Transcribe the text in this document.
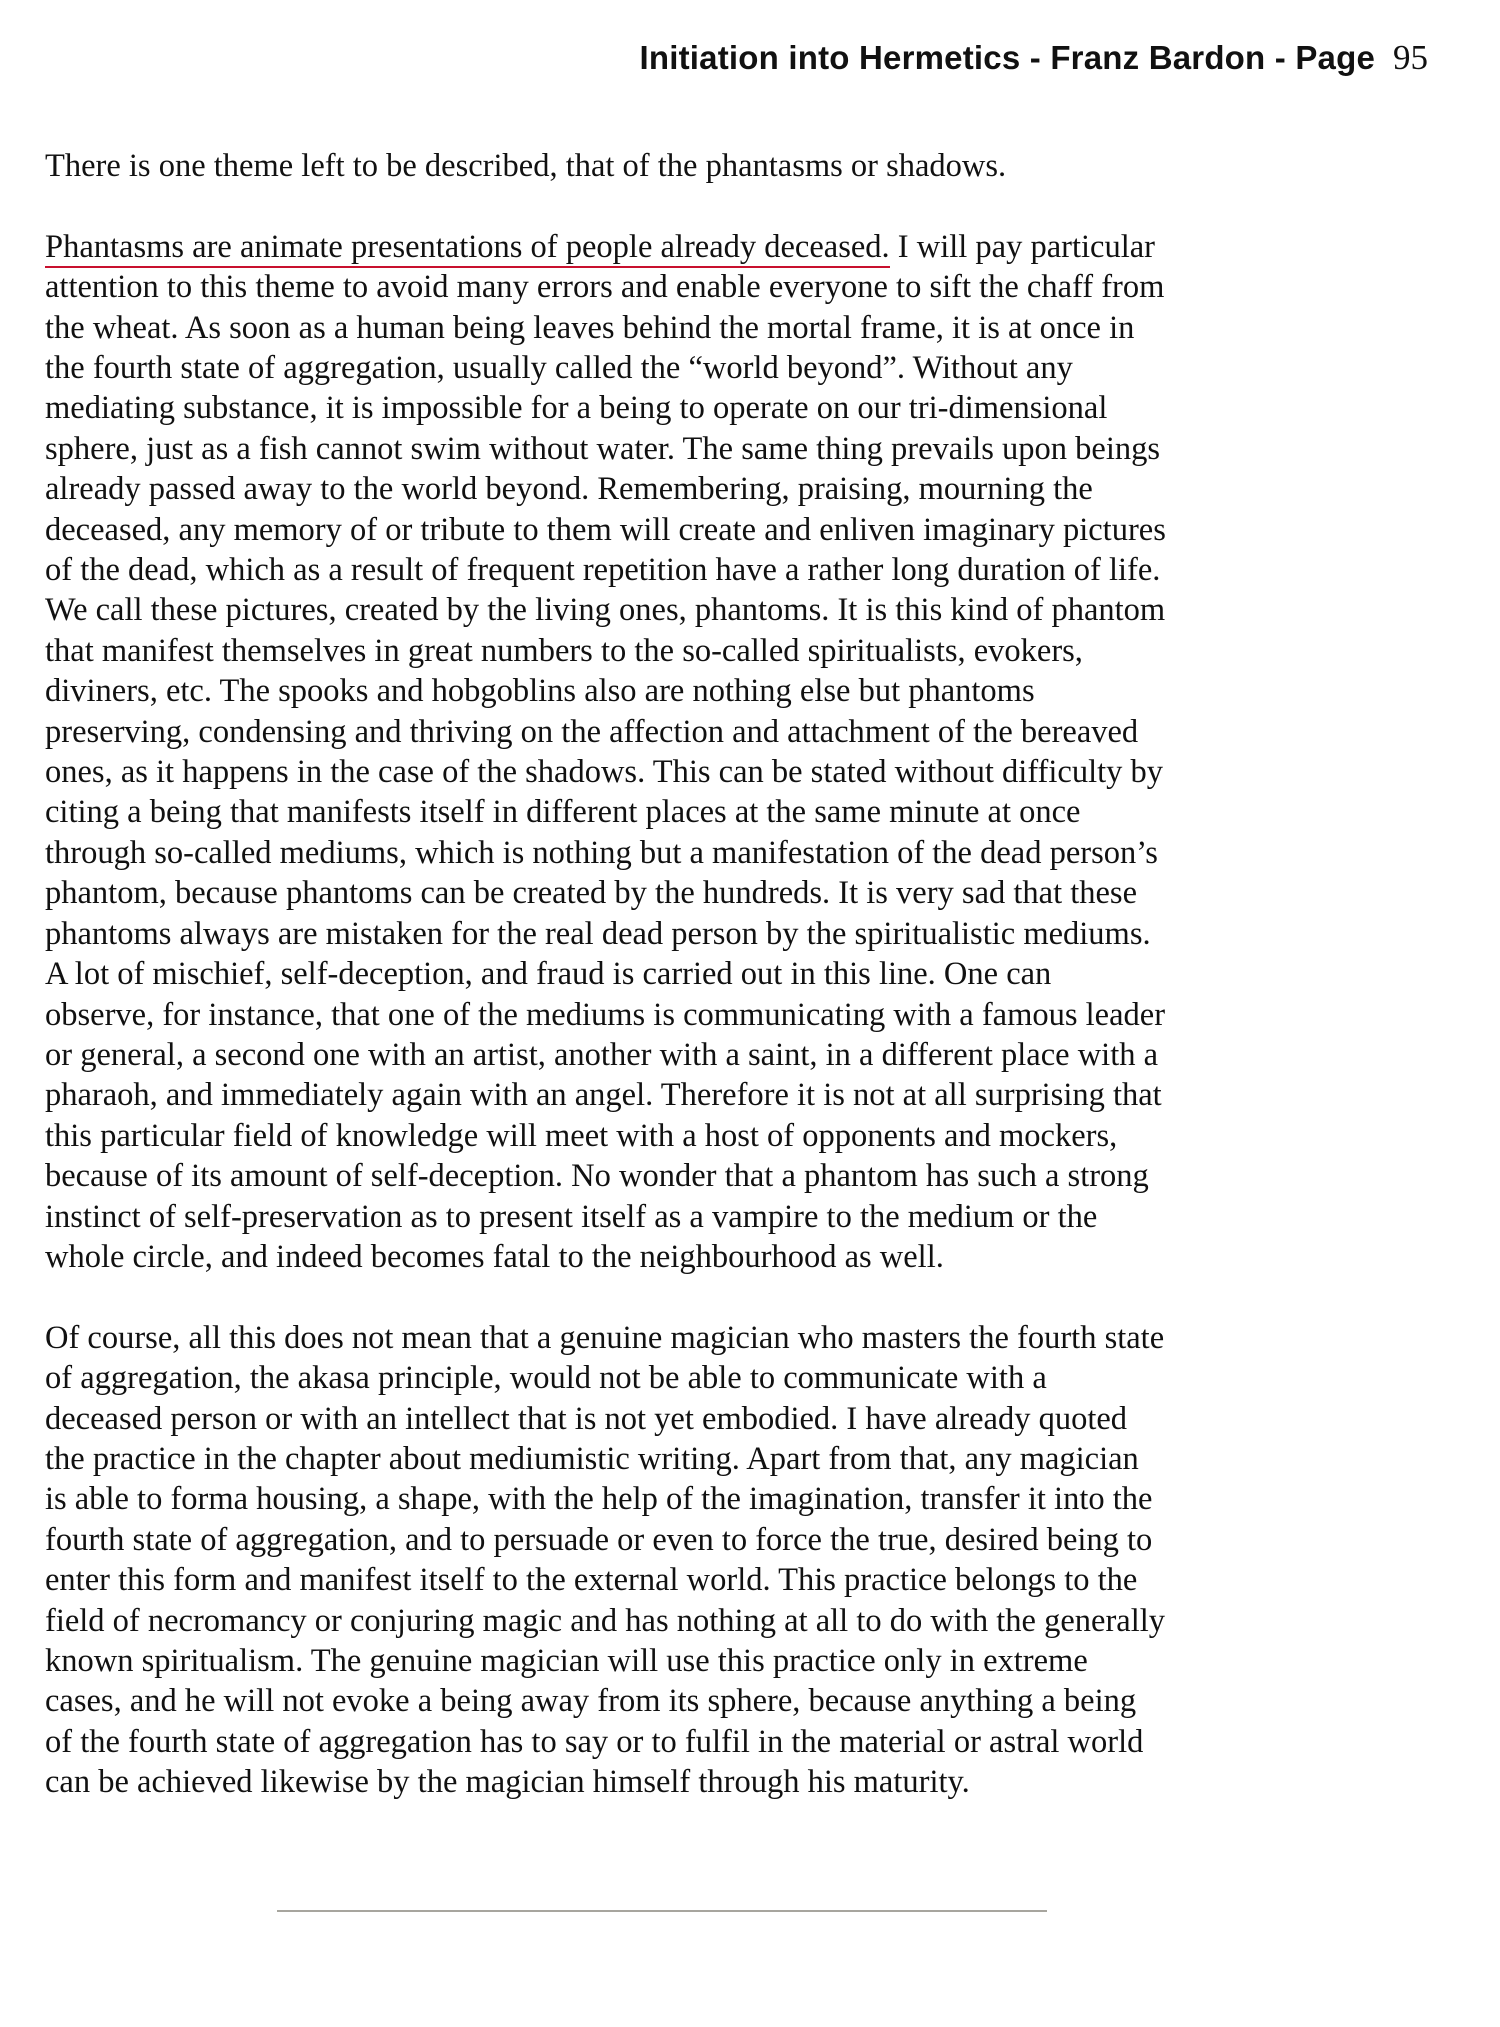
Initiation into Hermetics - Franz Bardon - Page 95

There is one theme left to be described, that of the phantasms or shadows.

Phantasms are animate presentations of people already deceased. I will pay particular
attention to this theme to avoid many errors and enable everyone to sift the chaff from
the wheat. As soon as a human being leaves behind the mortal frame, it is at once in
the fourth state of aggregation, usually called the “world beyond”. Without any
mediating substance, it is impossible for a being to operate on our tri-dimensional
sphere, just as a fish cannot swim without water. The same thing prevails upon beings
already passed away to the world beyond. Remembering, praising, mourning the
deceased, any memory of or tribute to them will create and enliven imaginary pictures
of the dead, which as a result of frequent repetition have a rather long duration of life.
We call these pictures, created by the living ones, phantoms. It is this kind of phantom
that manifest themselves in great numbers to the so-called spiritualists, evokers,
diviners, etc. The spooks and hobgoblins also are nothing else but phantoms
preserving, condensing and thriving on the affection and attachment of the bereaved
ones, as it happens in the case of the shadows. This can be stated without difficulty by
citing a being that manifests itself in different places at the same minute at once
through so-called mediums, which is nothing but a manifestation of the dead person’s
phantom, because phantoms can be created by the hundreds. It is very sad that these
phantoms always are mistaken for the real dead person by the spiritualistic mediums.
A lot of mischief, self-deception, and fraud is carried out in this line. One can
observe, for instance, that one of the mediums is communicating with a famous leader
or general, a second one with an artist, another with a saint, in a different place with a
pharaoh, and immediately again with an angel. Therefore it is not at all surprising that
this particular field of knowledge will meet with a host of opponents and mockers,
because of its amount of self-deception. No wonder that a phantom has such a strong
instinct of self-preservation as to present itself as a vampire to the medium or the
whole circle, and indeed becomes fatal to the neighbourhood as well.

Of course, all this does not mean that a genuine magician who masters the fourth state
of aggregation, the akasa principle, would not be able to communicate with a
deceased person or with an intellect that is not yet embodied. I have already quoted
the practice in the chapter about mediumistic writing. Apart from that, any magician
is able to forma housing, a shape, with the help of the imagination, transfer it into the
fourth state of aggregation, and to persuade or even to force the true, desired being to
enter this form and manifest itself to the external world. This practice belongs to the
field of necromancy or conjuring magic and has nothing at all to do with the generally
known spiritualism. The genuine magician will use this practice only in extreme
cases, and he will not evoke a being away from its sphere, because anything a being
of the fourth state of aggregation has to say or to fulfil in the material or astral world
can be achieved likewise by the magician himself through his maturity.
